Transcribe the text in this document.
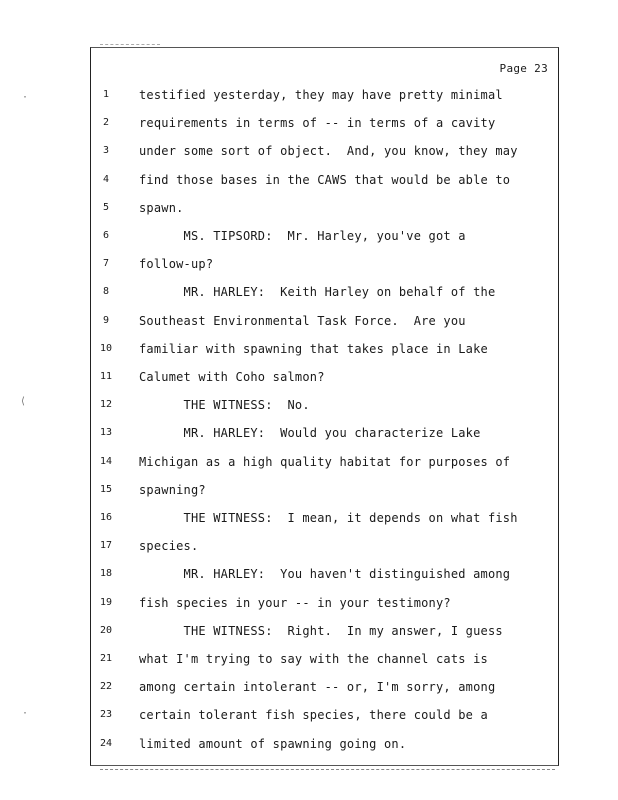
Page 23
1	testified yesterday, they may have pretty minimal
2	requirements in terms of -- in terms of a cavity
3	under some sort of object.  And, you know, they may
4	find those bases in the CAWS that would be able to
5	spawn.
6	MS. TIPSORD:  Mr. Harley, you've got a
7	follow-up?
8	MR. HARLEY:  Keith Harley on behalf of the
9	Southeast Environmental Task Force.  Are you
10	familiar with spawning that takes place in Lake
11	Calumet with Coho salmon?
12	THE WITNESS:  No.
13	MR. HARLEY:  Would you characterize Lake
14	Michigan as a high quality habitat for purposes of
15	spawning?
16	THE WITNESS:  I mean, it depends on what fish
17	species.
18	MR. HARLEY:  You haven't distinguished among
19	fish species in your -- in your testimony?
20	THE WITNESS:  Right.  In my answer, I guess
21	what I'm trying to say with the channel cats is
22	among certain intolerant -- or, I'm sorry, among
23	certain tolerant fish species, there could be a
24	limited amount of spawning going on.
·
⟨
·
